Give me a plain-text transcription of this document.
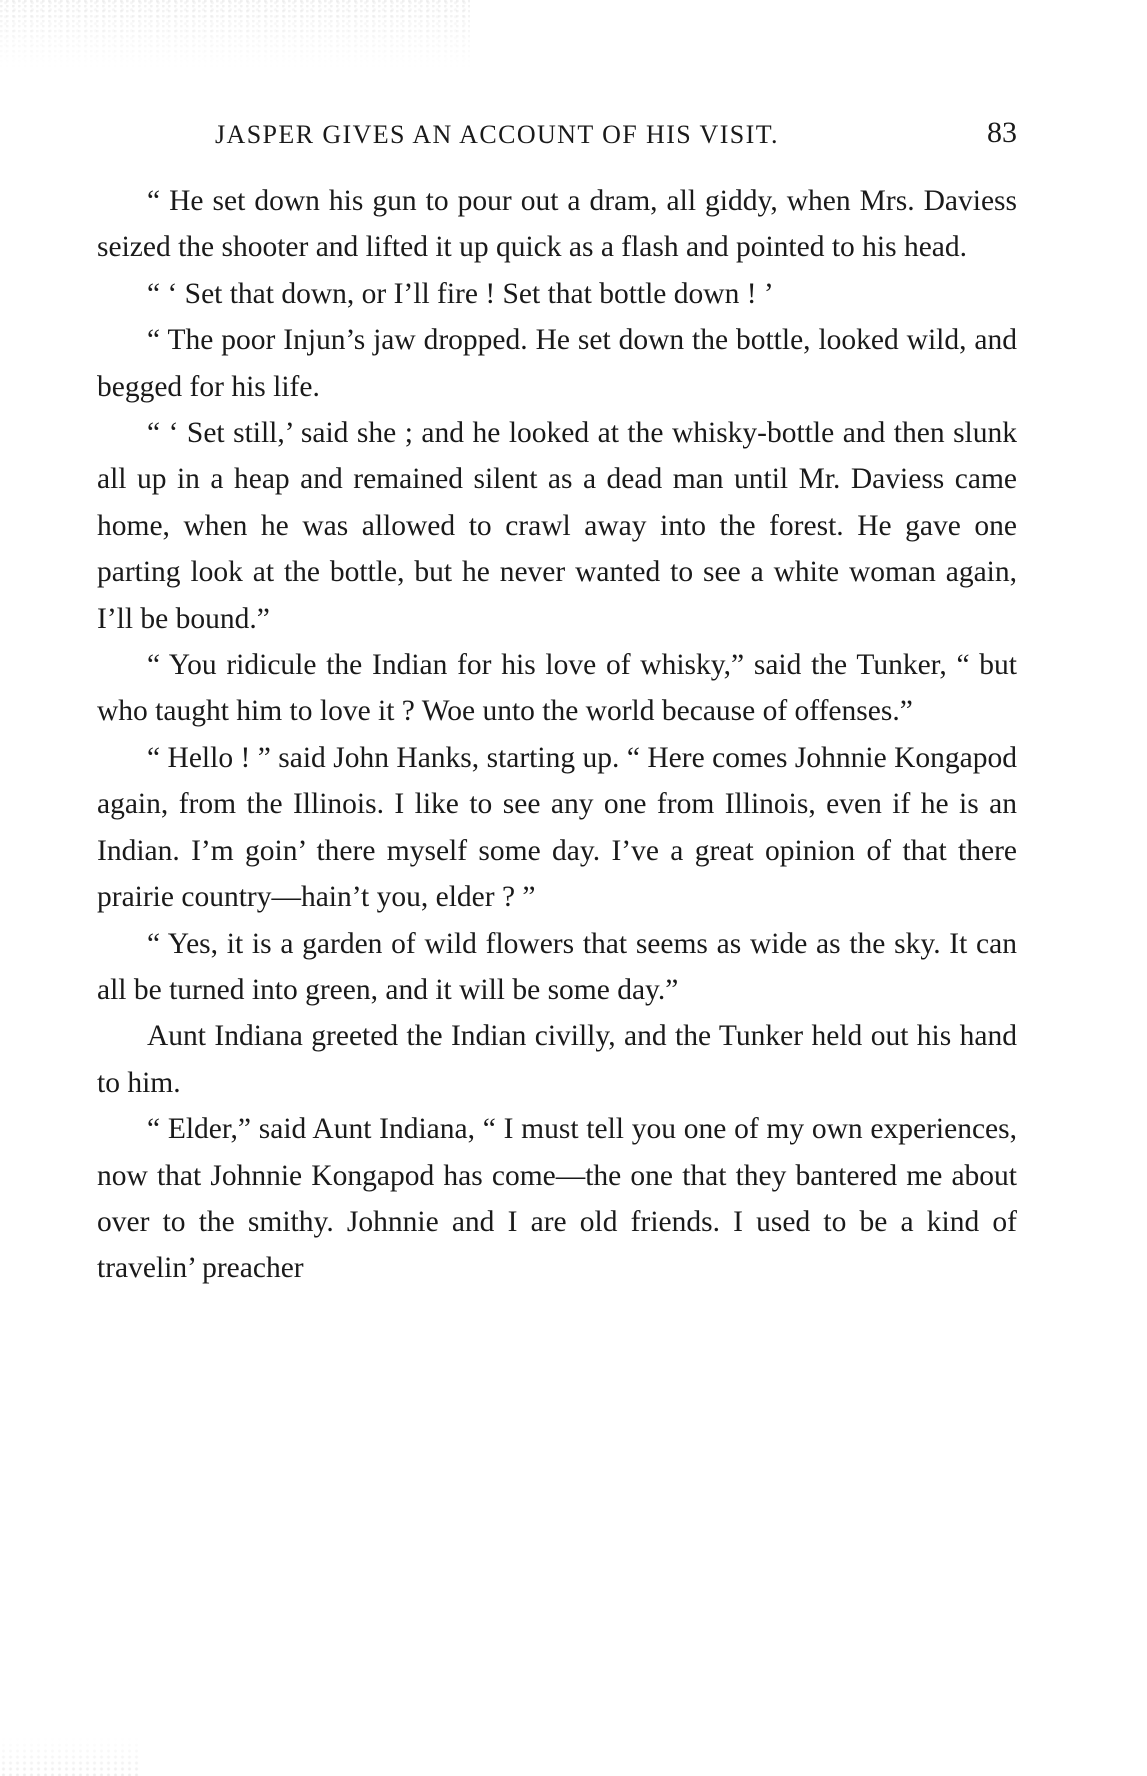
JASPER GIVES AN ACCOUNT OF HIS VISIT.	83

“ He set down his gun to pour out a dram, all giddy, when Mrs. Daviess seized the shooter and lifted it up quick as a flash and pointed to his head.

“ ‘ Set that down, or I’ll fire ! Set that bottle down ! ’

“ The poor Injun’s jaw dropped. He set down the bottle, looked wild, and begged for his life.

“ ‘ Set still,’ said she ; and he looked at the whisky-bottle and then slunk all up in a heap and remained silent as a dead man until Mr. Daviess came home, when he was allowed to crawl away into the forest. He gave one parting look at the bottle, but he never wanted to see a white woman again, I’ll be bound.”

“ You ridicule the Indian for his love of whisky,” said the Tunker, “ but who taught him to love it ? Woe unto the world because of offenses.”

“ Hello ! ” said John Hanks, starting up. “ Here comes Johnnie Kongapod again, from the Illinois. I like to see any one from Illinois, even if he is an Indian. I’m goin’ there myself some day. I’ve a great opinion of that there prairie country—hain’t you, elder ? ”

“ Yes, it is a garden of wild flowers that seems as wide as the sky. It can all be turned into green, and it will be some day.”

Aunt Indiana greeted the Indian civilly, and the Tunker held out his hand to him.

“ Elder,” said Aunt Indiana, “ I must tell you one of my own experiences, now that Johnnie Kongapod has come—the one that they bantered me about over to the smithy. Johnnie and I are old friends. I used to be a kind of travelin’ preacher
